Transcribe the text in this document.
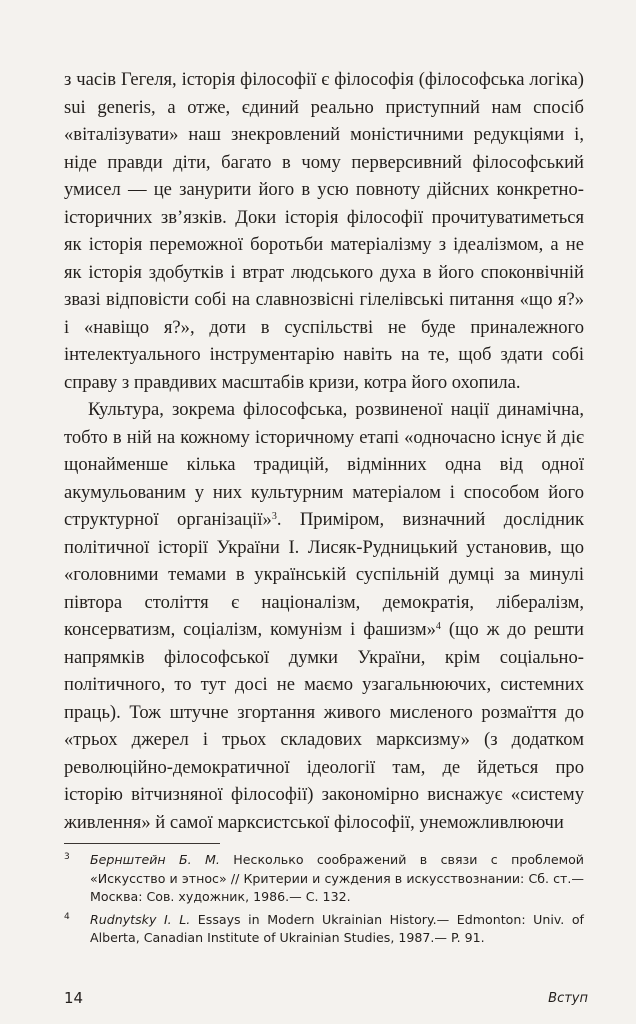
з часів Гегеля, історія філософії є філософія (філософська логіка) sui generis, а отже, єдиний реально приступний нам спосіб «віталізувати» наш знекровлений моністичними редукціями і, ніде правди діти, багато в чому перверсивний філософський умисел — це занурити його в усю повноту дійсних конкретно-історичних зв’язків. Доки історія філософії прочитуватиметься як історія переможної боротьби матеріалізму з ідеалізмом, а не як історія здобутків і втрат людського духа в його споконвічній звазі відповісти собі на славнозвісні гілелівські питання «що я?» і «навіщо я?», доти в суспільстві не буде приналежного інтелектуального інструментарію навіть на те, щоб здати собі справу з правдивих масштабів кризи, котра його охопила.

Культура, зокрема філософська, розвиненої нації динамічна, тобто в ній на кожному історичному етапі «одночасно існує й діє щонайменше кілька традицій, відмінних одна від одної акумульованим у них культурним матеріалом і способом його структурної організації»$^3$. Приміром, визначний дослідник політичної історії України І. Лисяк-Рудницький установив, що «головними темами в українській суспільній думці за минулі півтора століття є націоналізм, демократія, лібералізм, консерватизм, соціалізм, комунізм і фашизм»$^4$ (що ж до решти напрямків філософської думки України, крім соціально-політичного, то тут досі не маємо узагальнюючих, системних праць). Тож штучне згортання живого мисленого розмаїття до «трьох джерел і трьох складових марксизму» (з додатком революційно-демократичної ідеології там, де йдеться про історію вітчизняної філософії) закономірно виснажує «систему живлення» й самої марксистської філософії, унеможливлюючи

3 Бернштейн Б. М. Несколько соображений в связи с проблемой «Искусство и этнос» // Критерии и суждения в искусствознании: Сб. ст.— Москва: Сов. художник, 1986.— С. 132.
4 Rudnytsky I. L. Essays in Modern Ukrainian History.— Edmonton: Univ. of Alberta, Canadian Institute of Ukrainian Studies, 1987.— P. 91.
14	Вступ
